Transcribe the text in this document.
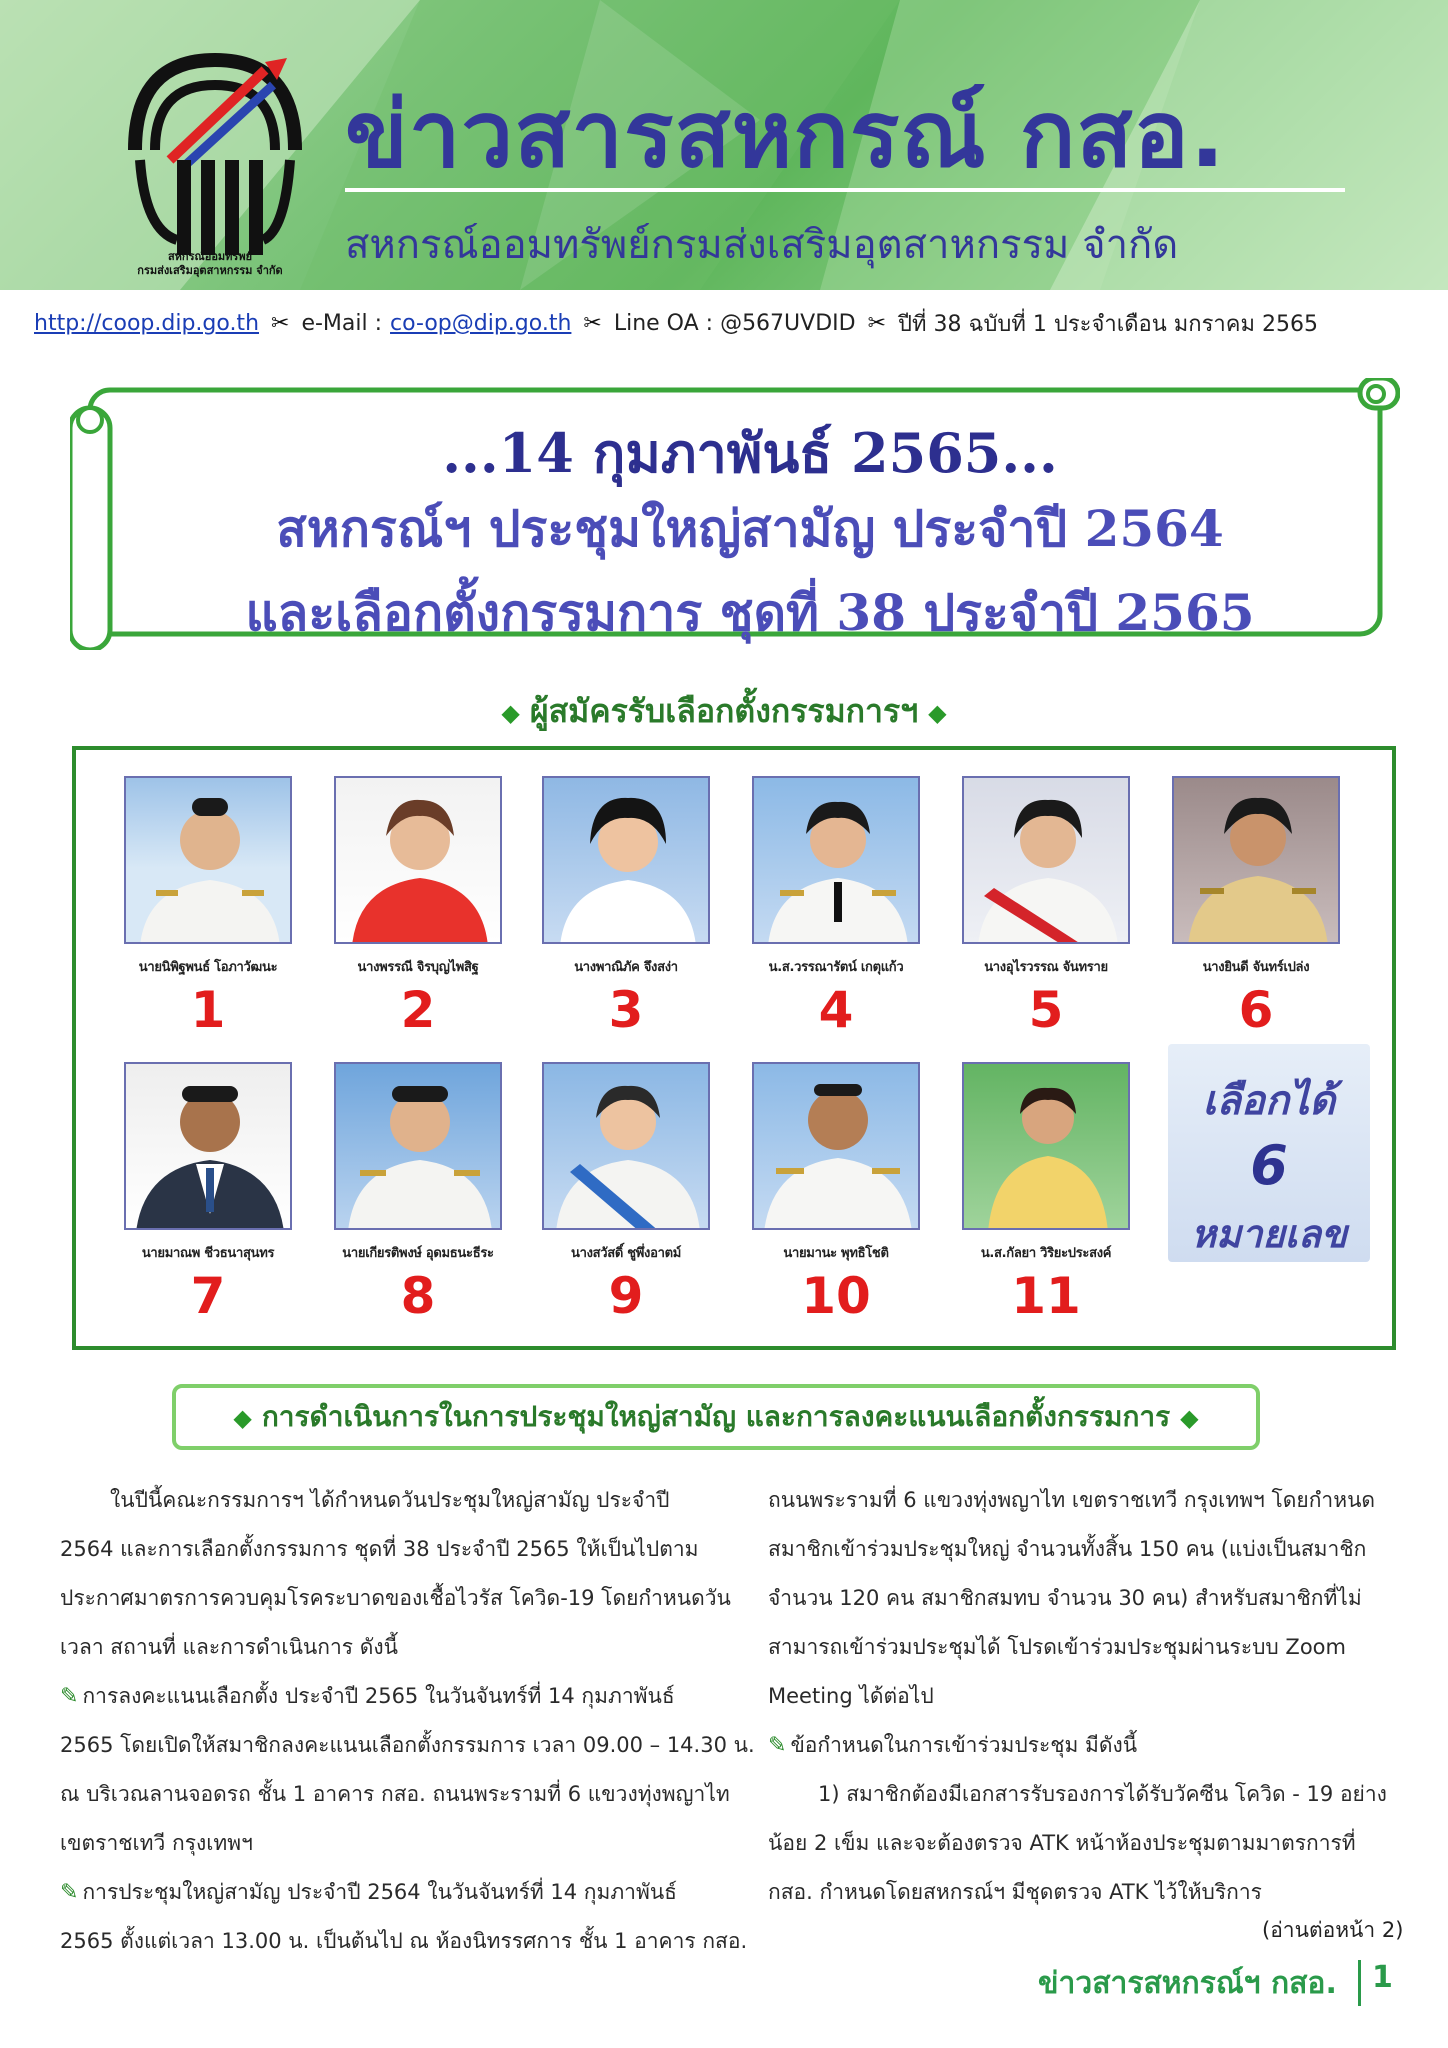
สหกรณ์ออมทรัพย์
กรมส่งเสริมอุตสาหกรรม จำกัด
ข่าวสารสหกรณ์ กสอ.
สหกรณ์ออมทรัพย์กรมส่งเสริมอุตสาหกรรม จำกัด
http://coop.dip.go.th ✂ e-Mail : co-op@dip.go.th ✂ Line OA : @567UVDID ✂ ปีที่ 38 ฉบับที่ 1 ประจำเดือน มกราคม 2565
...14 กุมภาพันธ์ 2565...
สหกรณ์ฯ ประชุมใหญ่สามัญ ประจำปี 2564
และเลือกตั้งกรรมการ ชุดที่ 38 ประจำปี 2565
◆ ผู้สมัครรับเลือกตั้งกรรมการฯ ◆
นายนิพิฐพนธ์ โอภาวัฒนะ
1
นางพรรณี จิรบุญไพสิฐ
2
นางพาณิภัค จึงสง่า
3
น.ส.วรรณารัตน์ เกตุแก้ว
4
นางอุไรวรรณ จันทราย
5
นางยินดี จันทร์เปล่ง
6
นายมาณพ ชีวธนาสุนทร
7
นายเกียรติพงษ์ อุดมธนะธีระ
8
นางสวัสดิ์ ชูพึ่งอาตม์
9
นายมานะ พุทธิโชติ
10
น.ส.กัลยา วิริยะประสงค์
11
เลือกได้
6
หมายเลข
◆ การดำเนินการในการประชุมใหญ่สามัญ และการลงคะแนนเลือกตั้งกรรมการ ◆
ในปีนี้คณะกรรมการฯ ได้กำหนดวันประชุมใหญ่สามัญ ประจำปี
2564 และการเลือกตั้งกรรมการ ชุดที่ 38 ประจำปี 2565 ให้เป็นไปตาม
ประกาศมาตรการควบคุมโรคระบาดของเชื้อไวรัส โควิด-19 โดยกำหนดวัน
เวลา สถานที่ และการดำเนินการ ดังนี้
✎ การลงคะแนนเลือกตั้ง ประจำปี 2565 ในวันจันทร์ที่ 14 กุมภาพันธ์
2565 โดยเปิดให้สมาชิกลงคะแนนเลือกตั้งกรรมการ เวลา 09.00 – 14.30 น.
ณ บริเวณลานจอดรถ ชั้น 1 อาคาร กสอ. ถนนพระรามที่ 6 แขวงทุ่งพญาไท
เขตราชเทวี กรุงเทพฯ
✎ การประชุมใหญ่สามัญ ประจำปี 2564 ในวันจันทร์ที่ 14 กุมภาพันธ์
2565 ตั้งแต่เวลา 13.00 น. เป็นต้นไป ณ ห้องนิทรรศการ ชั้น 1 อาคาร กสอ.
ถนนพระรามที่ 6 แขวงทุ่งพญาไท เขตราชเทวี กรุงเทพฯ โดยกำหนด
สมาชิกเข้าร่วมประชุมใหญ่ จำนวนทั้งสิ้น 150 คน (แบ่งเป็นสมาชิก
จำนวน 120 คน สมาชิกสมทบ จำนวน 30 คน) สำหรับสมาชิกที่ไม่
สามารถเข้าร่วมประชุมได้ โปรดเข้าร่วมประชุมผ่านระบบ Zoom
Meeting ได้ต่อไป
✎ ข้อกำหนดในการเข้าร่วมประชุม มีดังนี้
1) สมาชิกต้องมีเอกสารรับรองการได้รับวัคซีน โควิด - 19 อย่าง
น้อย 2 เข็ม และจะต้องตรวจ ATK หน้าห้องประชุมตามมาตรการที่
กสอ. กำหนดโดยสหกรณ์ฯ มีชุดตรวจ ATK ไว้ให้บริการ
(อ่านต่อหน้า 2)
ข่าวสารสหกรณ์ฯ กสอ. 1
